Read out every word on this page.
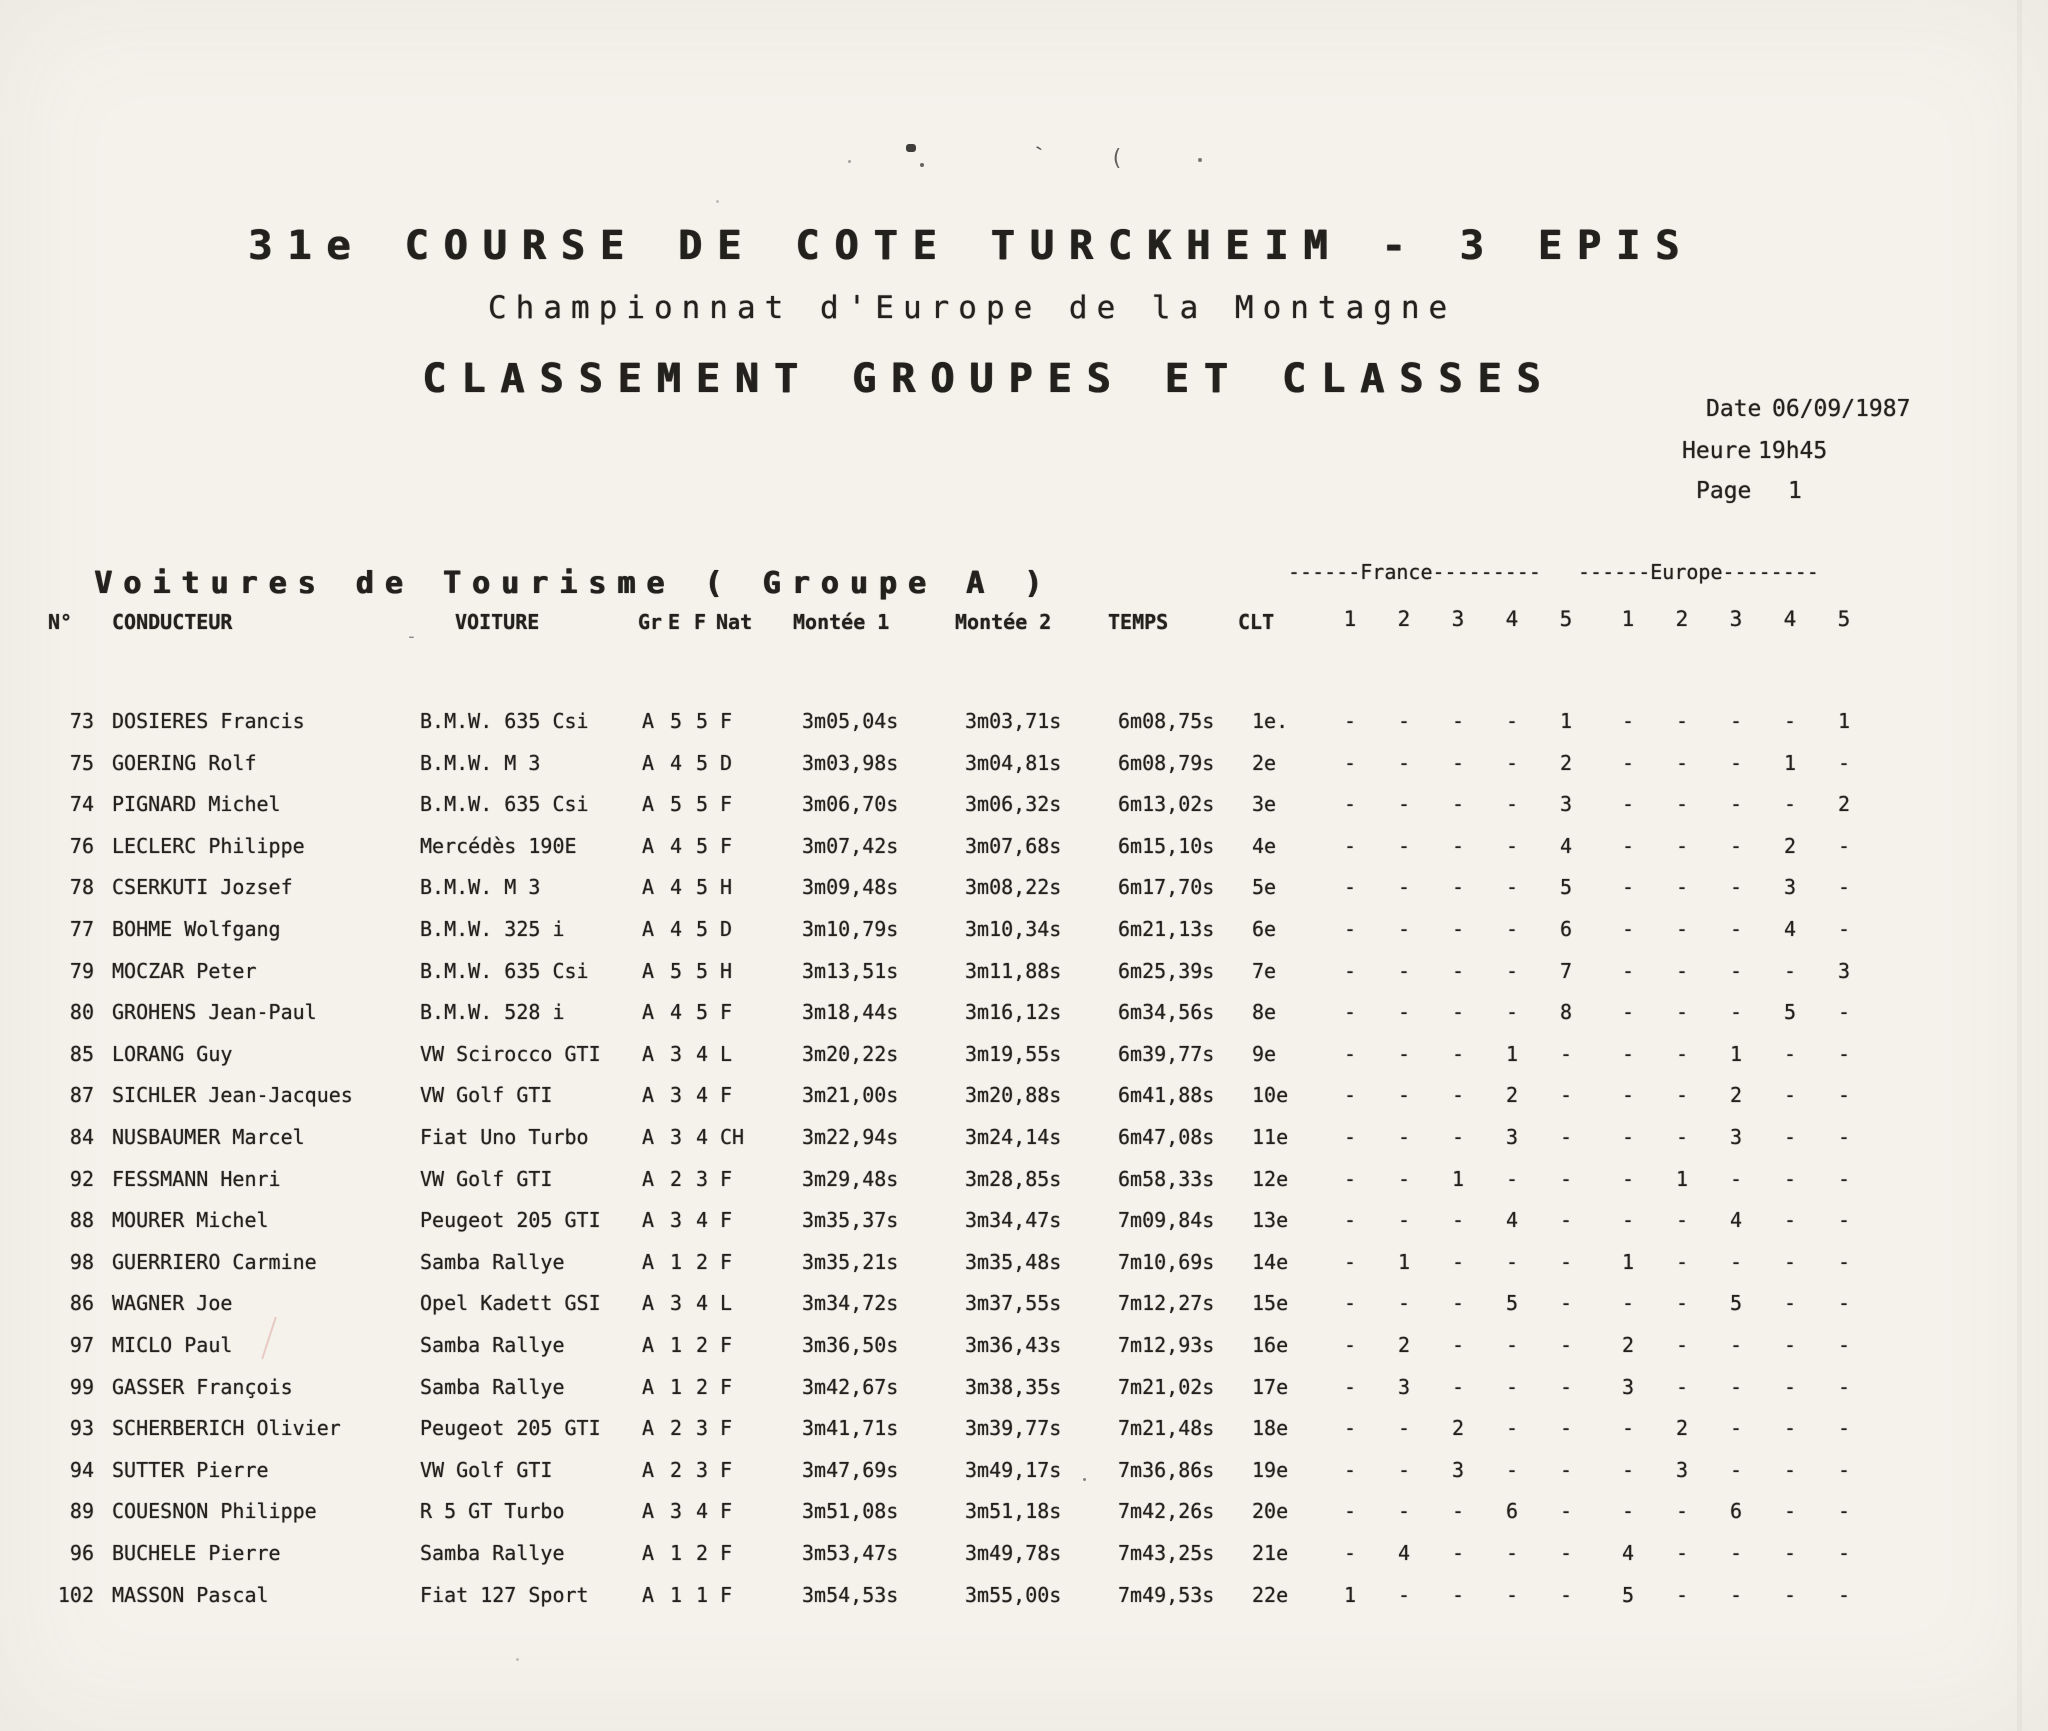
31e COURSE DE COTE TURCKHEIM - 3 EPIS
Championnat d'Europe de la Montagne
CLASSEMENT GROUPES ET CLASSES
Date 06/09/1987
Heure 19h45
Page 1
Voitures de Tourisme ( Groupe A )	------France--------- ------Europe--------
N° CONDUCTEUR	VOITURE	Gr E F Nat Montée 1	Montée 2	TEMPS	CLT	1	2	3	4	5	1	2	3	4	5
73 DOSIERES Francis	B.M.W. 635 Csi	A 5 5 F	3m05,04s	3m03,71s	6m08,75s 1e.	-	-	-	-	1	-	-	-	-	1
75 GOERING Rolf	B.M.W. M 3	A 4 5 D	3m03,98s	3m04,81s	6m08,79s 2e	-	-	-	-	2	-	-	-	1	-
74 PIGNARD Michel	B.M.W. 635 Csi	A 5 5 F	3m06,70s	3m06,32s	6m13,02s 3e	-	-	-	-	3	-	-	-	-	2
76 LECLERC Philippe	Mercédès 190E	A 4 5 F	3m07,42s	3m07,68s	6m15,10s 4e	-	-	-	-	4	-	-	-	2	-
78 CSERKUTI Jozsef	B.M.W. M 3	A 4 5 H	3m09,48s	3m08,22s	6m17,70s 5e	-	-	-	-	5	-	-	-	3	-
77 BOHME Wolfgang	B.M.W. 325 i	A 4 5 D	3m10,79s	3m10,34s	6m21,13s 6e	-	-	-	-	6	-	-	-	4	-
79 MOCZAR Peter	B.M.W. 635 Csi	A 5 5 H	3m13,51s	3m11,88s	6m25,39s 7e	-	-	-	-	7	-	-	-	-	3
80 GROHENS Jean-Paul	B.M.W. 528 i	A 4 5 F	3m18,44s	3m16,12s	6m34,56s 8e	-	-	-	-	8	-	-	-	5	-
85 LORANG Guy	VW Scirocco GTI A 3 4 L	3m20,22s	3m19,55s	6m39,77s 9e	-	-	-	1	-	-	-	1	-	-
87 SICHLER Jean-Jacques	VW Golf GTI	A 3 4 F	3m21,00s	3m20,88s	6m41,88s 10e	-	-	-	2	-	-	-	2	-	-
84 NUSBAUMER Marcel	Fiat Uno Turbo	A 3 4 CH	3m22,94s	3m24,14s	6m47,08s 11e	-	-	-	3	-	-	-	3	-	-
92 FESSMANN Henri	VW Golf GTI	A 2 3 F	3m29,48s	3m28,85s	6m58,33s 12e	-	-	1	-	-	-	1	-	-	-
88 MOURER Michel	Peugeot 205 GTI A 3 4 F	3m35,37s	3m34,47s	7m09,84s 13e	-	-	-	4	-	-	-	4	-	-
98 GUERRIERO Carmine	Samba Rallye	A 1 2 F	3m35,21s	3m35,48s	7m10,69s 14e	-	1	-	-	-	1	-	-	-	-
86 WAGNER Joe	Opel Kadett GSI A 3 4 L	3m34,72s	3m37,55s	7m12,27s 15e	-	-	-	5	-	-	-	5	-	-
97 MICLO Paul	Samba Rallye	A 1 2 F	3m36,50s	3m36,43s	7m12,93s 16e	-	2	-	-	-	2	-	-	-	-
99 GASSER François	Samba Rallye	A 1 2 F	3m42,67s	3m38,35s	7m21,02s 17e	-	3	-	-	-	3	-	-	-	-
93 SCHERBERICH Olivier	Peugeot 205 GTI A 2 3 F	3m41,71s	3m39,77s	7m21,48s 18e	-	-	2	-	-	-	2	-	-	-
94 SUTTER Pierre	VW Golf GTI	A 2 3 F	3m47,69s	3m49,17s	7m36,86s 19e	-	-	3	-	-	-	3	-	-	-
89 COUESNON Philippe	R 5 GT Turbo	A 3 4 F	3m51,08s	3m51,18s	7m42,26s 20e	-	-	-	6	-	-	-	6	-	-
96 BUCHELE Pierre	Samba Rallye	A 1 2 F	3m53,47s	3m49,78s	7m43,25s 21e	-	4	-	-	-	4	-	-	-	-
102 MASSON Pascal	Fiat 127 Sport	A 1 1 F	3m54,53s	3m55,00s	7m49,53s 22e	1	-	-	-	-	5	-	-	-	-
`	(
-
